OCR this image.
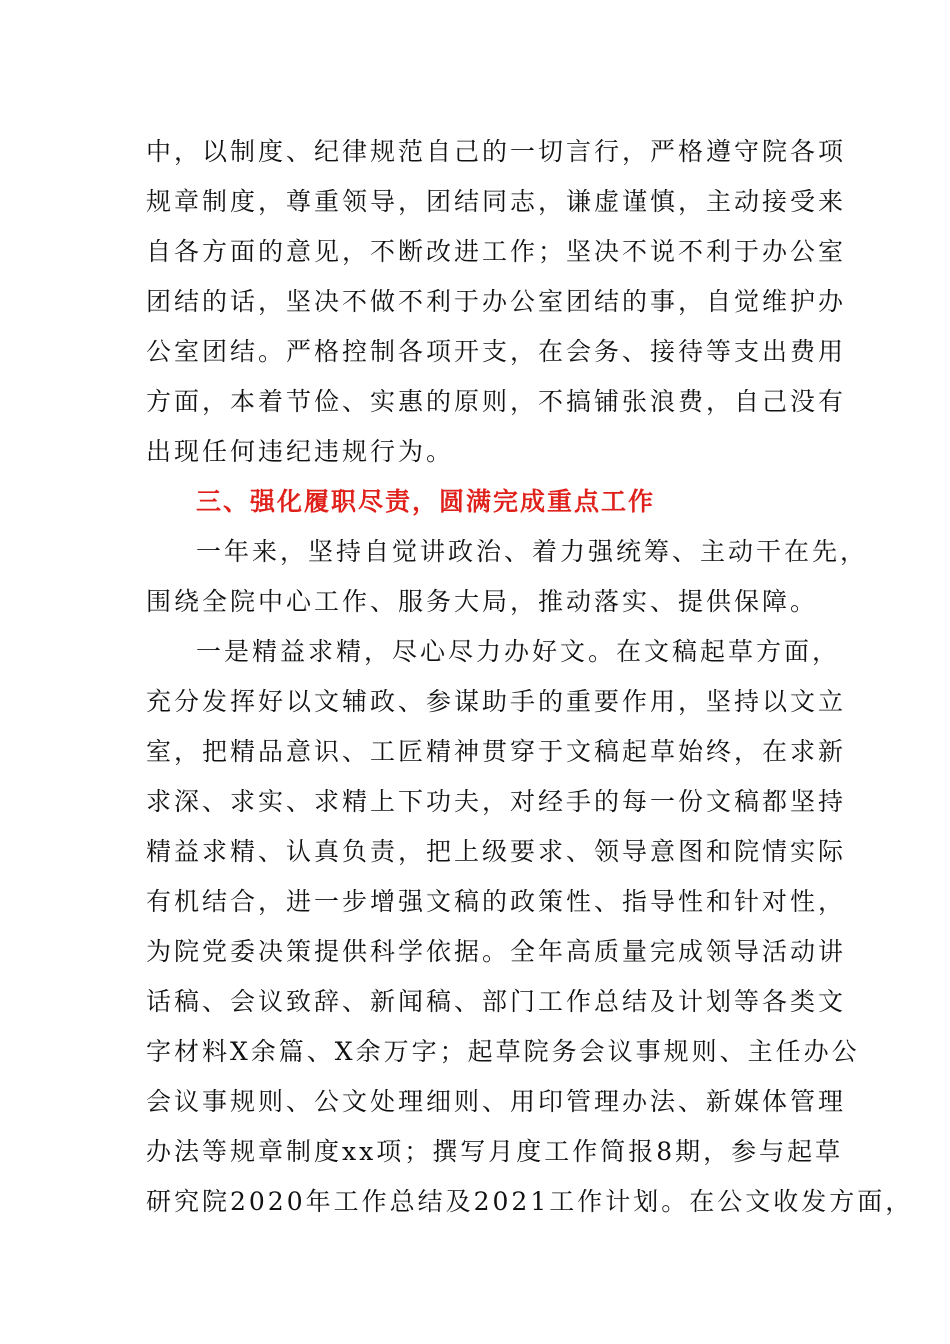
中，以制度、纪律规范自己的一切言行，严格遵守院各项
规章制度，尊重领导，团结同志，谦虚谨慎，主动接受来
自各方面的意见，不断改进工作；坚决不说不利于办公室
团结的话，坚决不做不利于办公室团结的事，自觉维护办
公室团结。严格控制各项开支，在会务、接待等支出费用
方面，本着节俭、实惠的原则，不搞铺张浪费，自己没有
出现任何违纪违规行为。
三、强化履职尽责，圆满完成重点工作
一年来，坚持自觉讲政治、着力强统筹、主动干在先，
围绕全院中心工作、服务大局，推动落实、提供保障。
一是精益求精，尽心尽力办好文。在文稿起草方面，
充分发挥好以文辅政、参谋助手的重要作用，坚持以文立
室，把精品意识、工匠精神贯穿于文稿起草始终，在求新
求深、求实、求精上下功夫，对经手的每一份文稿都坚持
精益求精、认真负责，把上级要求、领导意图和院情实际
有机结合，进一步增强文稿的政策性、指导性和针对性，
为院党委决策提供科学依据。全年高质量完成领导活动讲
话稿、会议致辞、新闻稿、部门工作总结及计划等各类文
字材料X余篇、X余万字；起草院务会议事规则、主任办公
会议事规则、公文处理细则、用印管理办法、新媒体管理
办法等规章制度xx项；撰写月度工作简报8期，参与起草
研究院2020年工作总结及2021工作计划。在公文收发方面，
